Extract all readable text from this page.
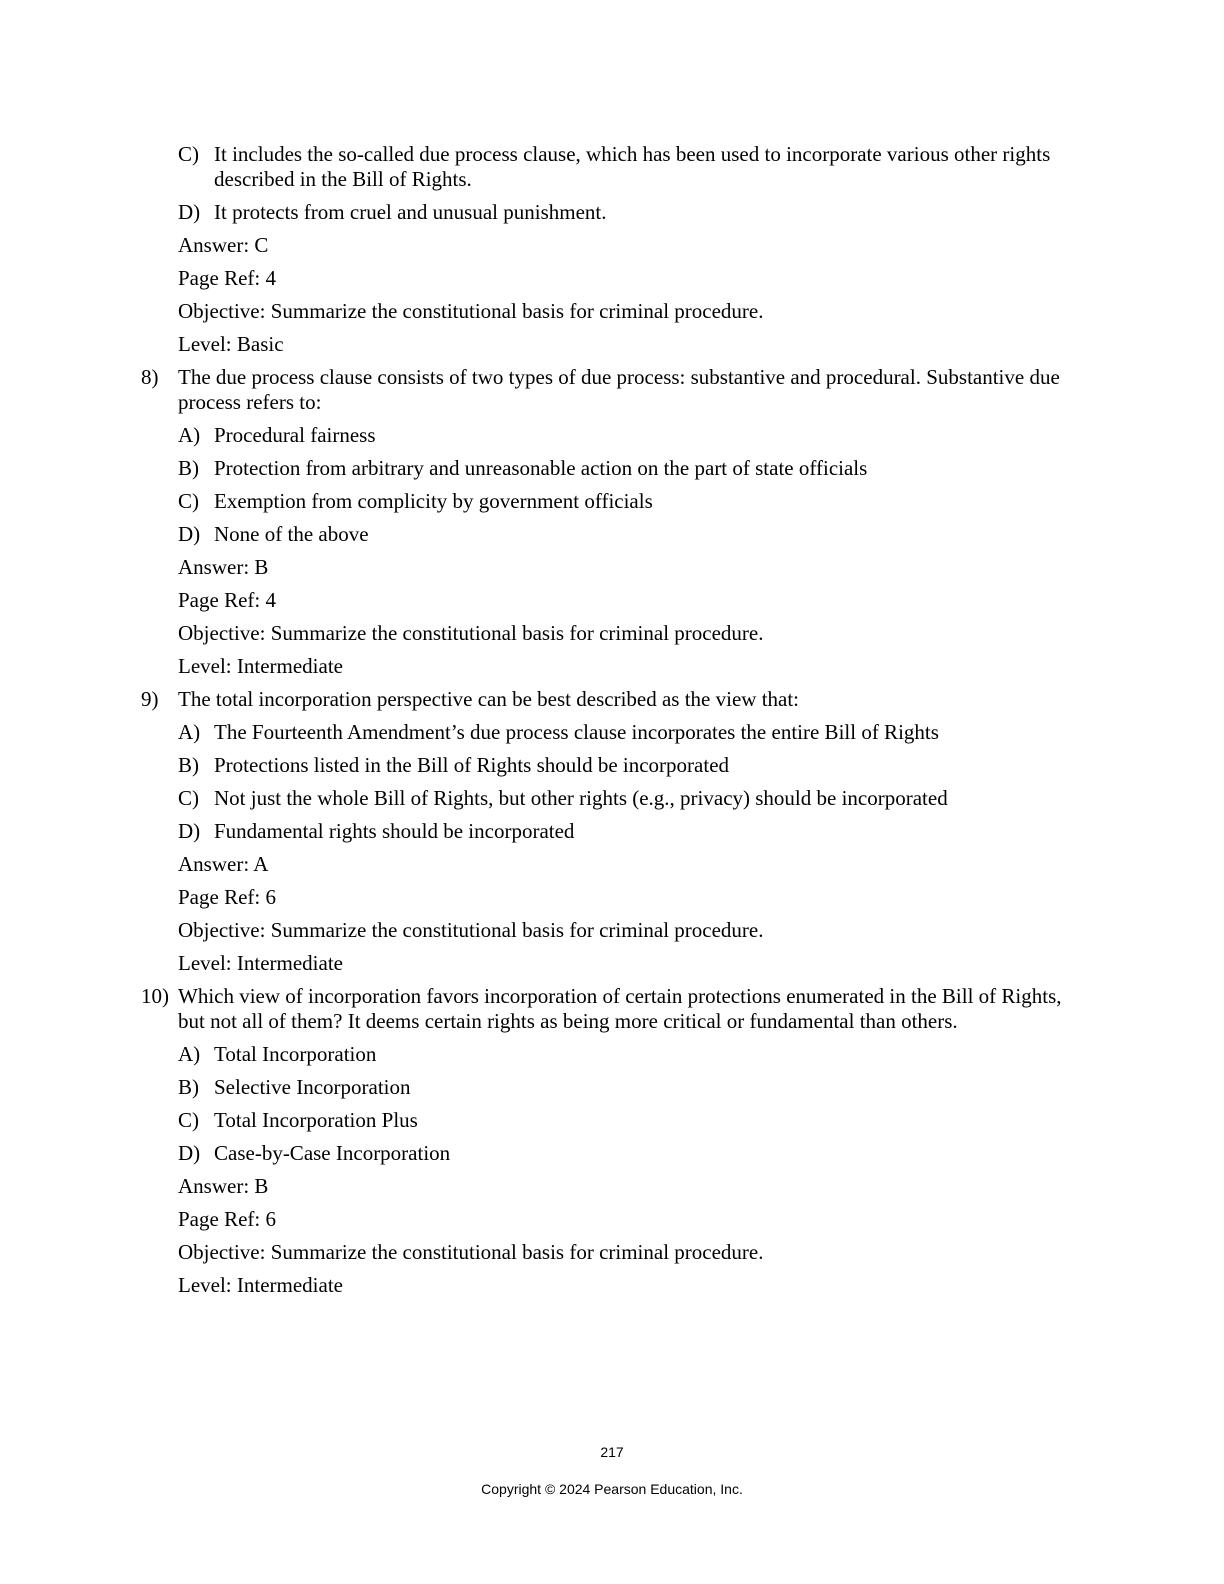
C) It includes the so-called due process clause, which has been used to incorporate various other rights described in the Bill of Rights.
D) It protects from cruel and unusual punishment.
Answer: C
Page Ref: 4
Objective: Summarize the constitutional basis for criminal procedure.
Level: Basic
8) The due process clause consists of two types of due process: substantive and procedural. Substantive due process refers to:
A) Procedural fairness
B) Protection from arbitrary and unreasonable action on the part of state officials
C) Exemption from complicity by government officials
D) None of the above
Answer: B
Page Ref: 4
Objective: Summarize the constitutional basis for criminal procedure.
Level: Intermediate
9) The total incorporation perspective can be best described as the view that:
A) The Fourteenth Amendment’s due process clause incorporates the entire Bill of Rights
B) Protections listed in the Bill of Rights should be incorporated
C) Not just the whole Bill of Rights, but other rights (e.g., privacy) should be incorporated
D) Fundamental rights should be incorporated
Answer: A
Page Ref: 6
Objective: Summarize the constitutional basis for criminal procedure.
Level: Intermediate
10) Which view of incorporation favors incorporation of certain protections enumerated in the Bill of Rights, but not all of them? It deems certain rights as being more critical or fundamental than others.
A) Total Incorporation
B) Selective Incorporation
C) Total Incorporation Plus
D) Case-by-Case Incorporation
Answer: B
Page Ref: 6
Objective: Summarize the constitutional basis for criminal procedure.
Level: Intermediate
217
Copyright © 2024 Pearson Education, Inc.
